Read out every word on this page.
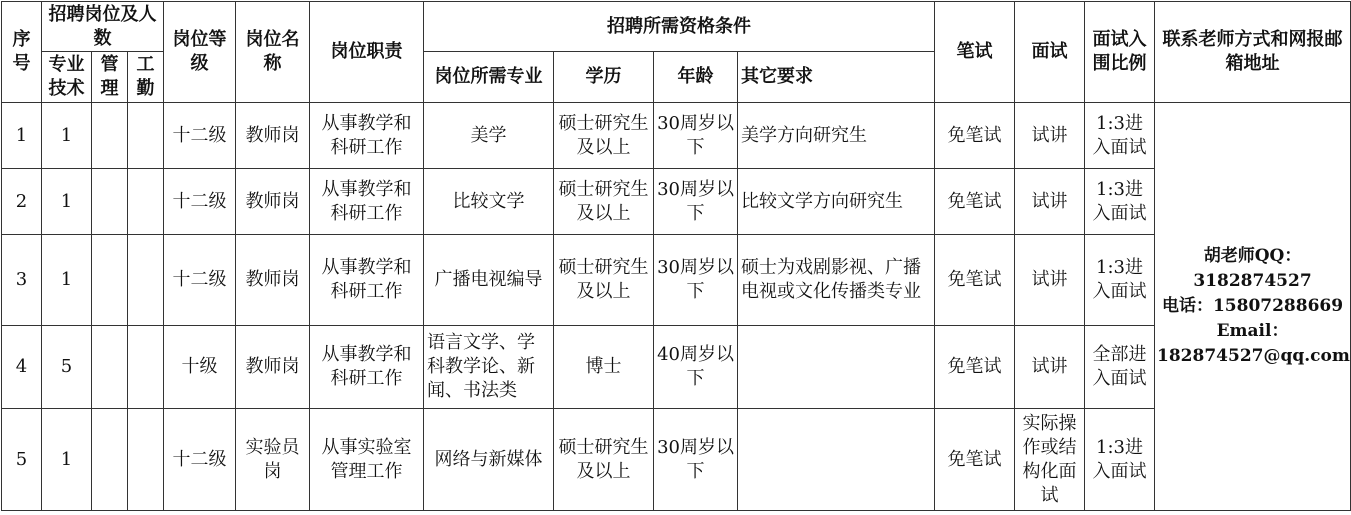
序号	招聘岗位及人数			岗位等级	岗位名称	岗位职责	招聘所需资格条件				笔试	面试	面试入围比例	联系老师方式和网报邮箱地址
	专业技术	管理	工勤				岗位所需专业	学历	年龄	其它要求				
1	1			十二级	教师岗	从事教学和科研工作	美学	硕士研究生及以上	30周岁以下	美学方向研究生	免笔试	试讲	1:3进入面试	胡老师QQ：
3182874527
电话：15807288669
Email：
182874527@qq.com

2	1			十二级	教师岗	从事教学和科研工作	比较文学	硕士研究生及以上	30周岁以下	比较文学方向研究生	免笔试	试讲	1:3进入面试	
3	1			十二级	教师岗	从事教学和科研工作	广播电视编导	硕士研究生及以上	30周岁以下	硕士为戏剧影视、广播电视或文化传播类专业	免笔试	试讲	1:3进入面试	
4	5			十级	教师岗	从事教学和科研工作	语言文学、学科教学论、新闻、书法类	博士	40周岁以下		免笔试	试讲	全部进入面试	
5	1			十二级	实验员岗	从事实验室管理工作	网络与新媒体	硕士研究生及以上	30周岁以下		免笔试	实际操作或结构化面试	1:3进入面试	
